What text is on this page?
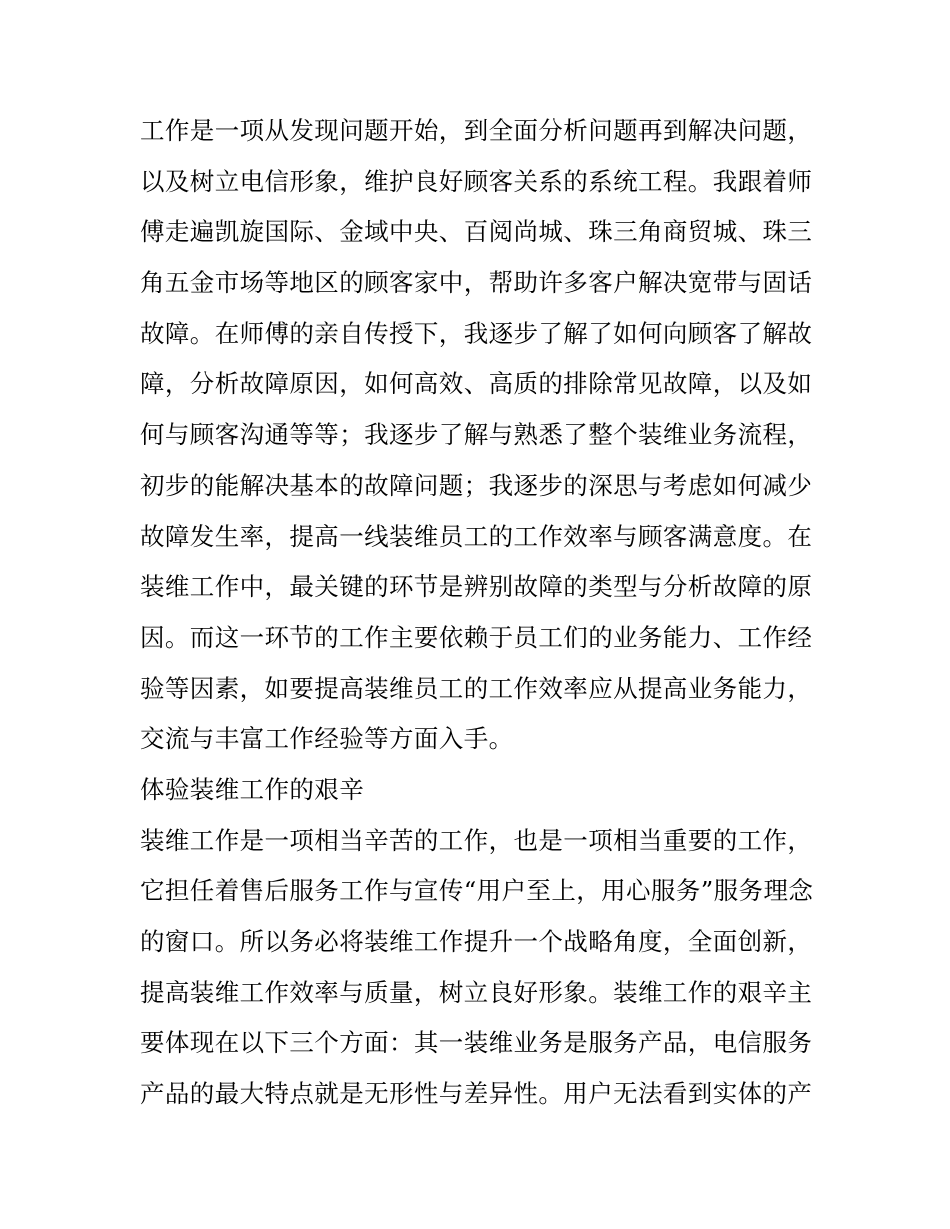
工作是一项从发现问题开始，到全面分析问题再到解决问题，
以及树立电信形象，维护良好顾客关系的系统工程。我跟着师
傅走遍凯旋国际、金域中央、百阅尚城、珠三角商贸城、珠三
角五金市场等地区的顾客家中，帮助许多客户解决宽带与固话
故障。在师傅的亲自传授下，我逐步了解了如何向顾客了解故
障，分析故障原因，如何高效、高质的排除常见故障，以及如
何与顾客沟通等等；我逐步了解与熟悉了整个装维业务流程，
初步的能解决基本的故障问题；我逐步的深思与考虑如何减少
故障发生率，提高一线装维员工的工作效率与顾客满意度。在
装维工作中，最关键的环节是辨别故障的类型与分析故障的原
因。而这一环节的工作主要依赖于员工们的业务能力、工作经
验等因素，如要提高装维员工的工作效率应从提高业务能力，
交流与丰富工作经验等方面入手。
体验装维工作的艰辛
装维工作是一项相当辛苦的工作，也是一项相当重要的工作，
它担任着售后服务工作与宣传“用户至上，用心服务”服务理念
的窗口。所以务必将装维工作提升一个战略角度，全面创新，
提高装维工作效率与质量，树立良好形象。装维工作的艰辛主
要体现在以下三个方面：其一装维业务是服务产品，电信服务
产品的最大特点就是无形性与差异性。用户无法看到实体的产
